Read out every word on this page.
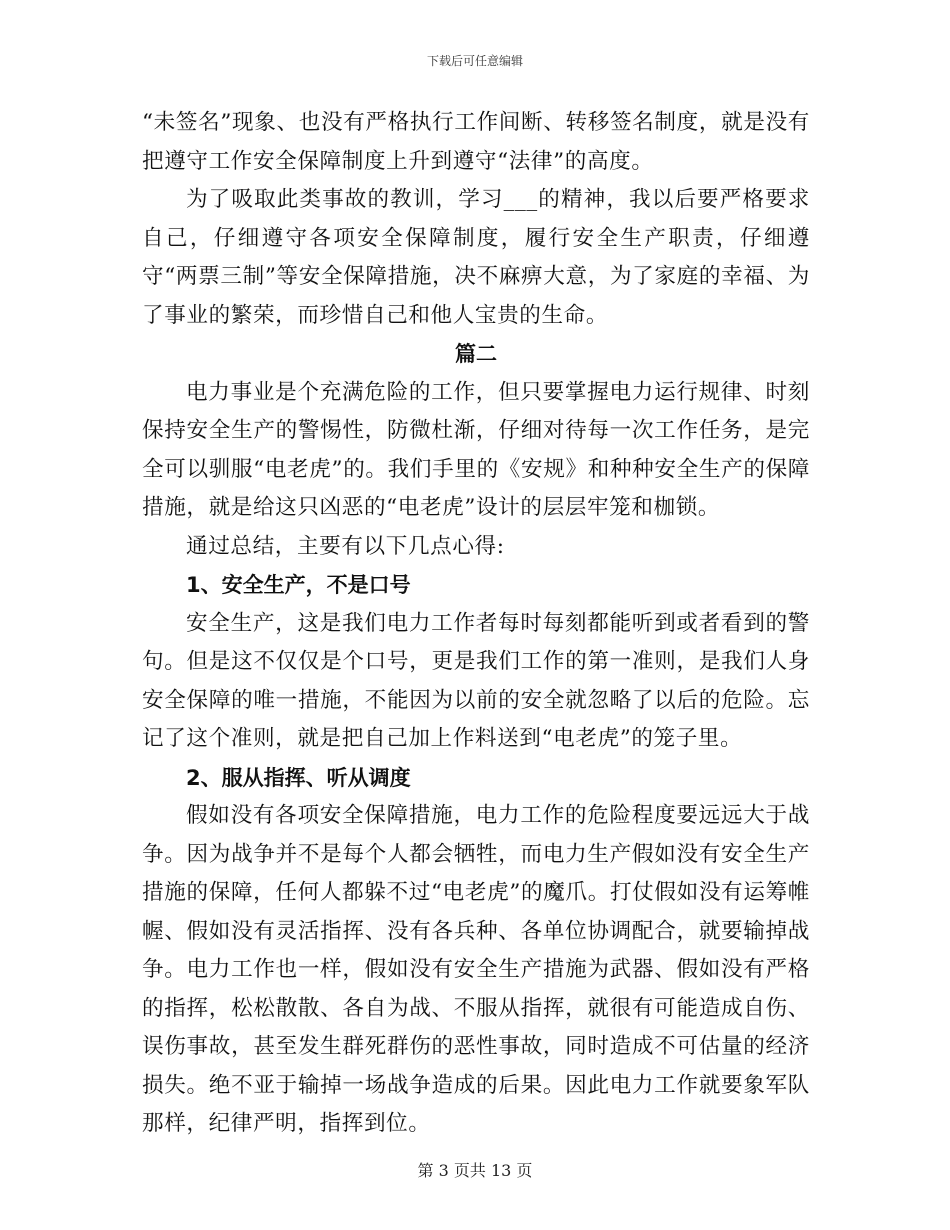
下载后可任意编辑

“未签名”现象、也没有严格执行工作间断、转移签名制度，就是没有把遵守工作安全保障制度上升到遵守“法律”的高度。

为了吸取此类事故的教训，学习___的精神，我以后要严格要求自己，仔细遵守各项安全保障制度，履行安全生产职责，仔细遵守“两票三制”等安全保障措施，决不麻痹大意，为了家庭的幸福、为了事业的繁荣，而珍惜自己和他人宝贵的生命。

篇二

电力事业是个充满危险的工作，但只要掌握电力运行规律、时刻保持安全生产的警惕性，防微杜渐，仔细对待每一次工作任务，是完全可以驯服“电老虎”的。我们手里的《安规》和种种安全生产的保障措施，就是给这只凶恶的“电老虎”设计的层层牢笼和枷锁。

通过总结，主要有以下几点心得:

1、安全生产，不是口号

安全生产，这是我们电力工作者每时每刻都能听到或者看到的警句。但是这不仅仅是个口号，更是我们工作的第一准则，是我们人身安全保障的唯一措施，不能因为以前的安全就忽略了以后的危险。忘记了这个准则，就是把自己加上作料送到“电老虎”的笼子里。

2、服从指挥、听从调度

假如没有各项安全保障措施，电力工作的危险程度要远远大于战争。因为战争并不是每个人都会牺牲，而电力生产假如没有安全生产措施的保障，任何人都躲不过“电老虎”的魔爪。打仗假如没有运筹帷幄、假如没有灵活指挥、没有各兵种、各单位协调配合，就要输掉战争。电力工作也一样，假如没有安全生产措施为武器、假如没有严格的指挥，松松散散、各自为战、不服从指挥，就很有可能造成自伤、误伤事故，甚至发生群死群伤的恶性事故，同时造成不可估量的经济损失。绝不亚于输掉一场战争造成的后果。因此电力工作就要象军队那样，纪律严明，指挥到位。

第 3 页共 13 页
